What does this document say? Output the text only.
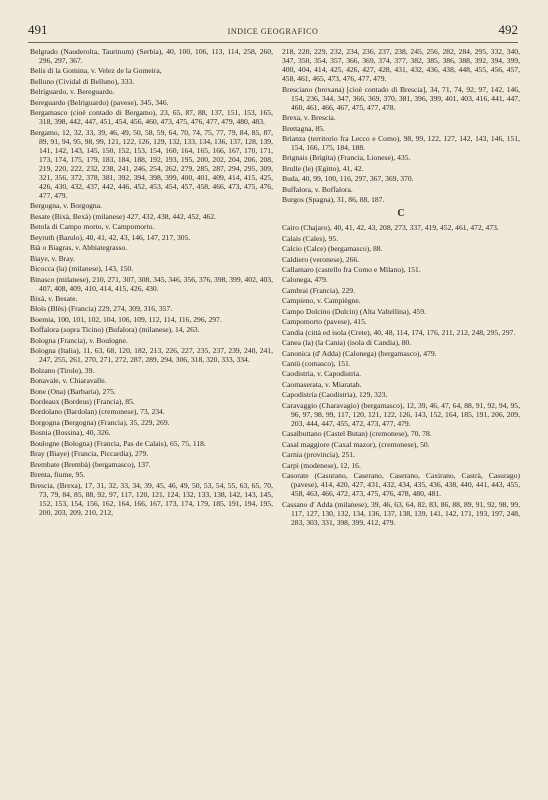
491	INDICE GEOGRAFICO	492
Belgrado (Nauderolta, Taurinum) (Serbia), 40, 100, 106, 113, 114, 258, 260, 296, 297, 367.
Belis di la Gomina, v. Velez de la Gomeira,
Belluno (Cividal di Belluno), 333.
Belriguardo, v. Bereguardo.
Bereguardo (Belriguardo) (pavese), 345, 346.
Bergamasco (cioè contado di Bergamo), 23, 65, 87, 88, 137, 151, 153, 165, 318, 398, 442, 447, 451, 454, 456, 460, 473, 475, 476, 477, 479, 480, 483.
Bergamo, 12, 32, 33, 39, 46, 49, 50, 58, 59, 64, 70, 74, 75, 77, 79, 84, 85, 87, 89, 91, 94, 95, 98, 99, 121, 122, 126, 129, 132, 133, 134, 136, 137, 128, 139, 141, 142, 143, 145, 150, 152, 153, 154, 160, 164, 165, 166, 167, 170, 171, 173, 174, 175, 179, 183, 184, 188, 192, 193, 195, 200, 202, 204, 206, 208, 219, 220, 222, 232, 238, 241, 246, 254, 262, 279, 285, 287, 294, 295, 309, 321, 356, 372, 378, 381, 392, 394, 398, 399, 400, 401, 409, 414, 415, 425, 426, 430, 432, 437, 442, 446, 452, 453, 454, 457, 458, 466, 473, 475, 476, 477, 479.
Bergogna, v. Borgogna.
Besate (Bixà, Bexà) (milanese) 427, 432, 438, 442, 452, 462.
Betola di Campo morto, v. Campomorto.
Beyruth (Barulo), 40, 41, 42, 43, 146, 147, 217, 305.
Bià o Biagras, v. Abbiategrasso.
Biaye, v. Bray.
Bicocca (la) (milanese), 143, 150.
Binasco (milanese), 210, 271, 307, 308, 345, 346, 356, 376, 398, 399, 402, 403, 407, 408, 409, 410, 414, 415, 426, 430.
Bixà, v. Besate.
Blois (Blès) (Francia) 229, 274, 309, 316, 357.
Boemia, 100, 101, 102, 104, 106, 109, 112, 114, 116, 296, 297.
Boffalora (sopra Ticino) (Bufalora) (milanese), 14, 263.
Bologna (Francia), v. Boulogne.
Bologna (Italia), 11, 63, 68, 120, 182, 213, 226, 227, 235, 237, 239, 240, 241, 247, 255, 261, 270, 271, 272, 287, 289, 294, 306, 318, 320, 333, 334.
Bolzano (Tirolo), 39.
Bonavale, v. Chiaravalle.
Bone (Ona) (Barbaria), 275.
Bordeaux (Bordeus) (Francia), 85.
Bordolano (Bardolan) (cremonese), 73, 234.
Borgogna (Bergogna) (Francia), 35, 229, 269.
Bosnia (Bossina), 40, 326.
Boulogne (Bologna) (Francia, Pas de Calais), 65, 75, 118.
Bray (Biaye) (Francia, Piccardia), 279.
Brembate (Brembà) (bergamasco), 137.
Brenta, fiume, 95.
Brescia, (Brexa), 17, 31, 32, 33, 34, 39, 45, 46, 49, 50, 53, 54, 55, 63, 65, 70, 73, 79, 84, 85, 88, 92, 97, 117, 120, 121, 124, 132, 133, 138, 142, 143, 145, 152, 153, 154, 156, 162, 164, 166, 167, 173, 174, 179, 185, 191, 194, 195, 200, 203, 209, 210, 212,
218, 220, 229, 232, 234, 236, 237, 238, 245, 256, 282, 284, 295, 332, 340, 347, 350, 354, 357, 366, 369, 374, 377, 382, 385, 386, 388, 392, 394, 399, 400, 404, 414, 425, 426, 427, 428, 431, 432, 436, 438, 448, 455, 456, 457, 458, 461, 465, 473, 476, 477, 479.
Bresciano (brexana) [cioè contado di Brescia], 34, 71, 74, 92, 97, 142, 146, 154, 236, 344, 347, 366, 369, 370, 381, 396, 399, 401, 403, 416, 441, 447, 460, 461, 466, 467, 475, 477, 478.
Brexa, v. Brescia.
Brettagna, 85.
Brianza (territorio fra Lecco e Como), 98, 99, 122, 127, 142, 143, 146, 151, 154, 166, 175, 184, 188.
Brignais (Brigita) (Francia, Lionese), 435.
Brulle (le) (Egitto), 41, 42.
Buda, 40, 99, 100, 116, 297, 367, 369, 370.
Buffalora, v. Boffalora.
Burgos (Spagna), 31, 86, 88, 187.
C
Cairo (Chajaro), 40, 41, 42, 43, 208, 273, 337, 419, 452, 461, 472, 473.
Calais (Cales), 95.
Calcio (Calce) (bergamasco), 88.
Caldiero (veronese), 266.
Callamaro (castello fra Como e Milano), 151.
Calonega, 479.
Cambrai (Francia), 229.
Campieno, v. Campiègne.
Campo Dolcino (Dulcin) (Alta Valtellina), 459.
Campomorto (pavese), 415.
Candia (città ed isola (Crete), 40, 48, 114, 174, 176, 211, 212, 248, 295, 297.
Canea (la) (la Cania) (isola di Candia), 80.
Canonica (d' Adda) (Calonega) (bergamasco), 479.
Cantù (comasco), 151.
Caodistria, v. Capodistria.
Caomaserata, v. Miaratab.
Capodistria (Caodistria), 129, 323.
Caravaggio (Charavagio) (bergamasco), 12, 39, 46, 47, 64, 88, 91, 92, 94, 95, 96, 97, 98, 99, 117, 120, 121, 122, 126, 143, 152, 164, 185, 191, 206, 209, 203, 444, 447, 455, 472, 473, 477, 479.
Casalbuttano (Castel Butan) (cremonese), 70, 78.
Casal maggiore (Caxal mazor), (cremonese), 50.
Carnia (provincia), 251.
Carpi (modenese), 12, 16.
Casorate (Casurano, Caserano, Caserano, Caxirano, Castrà, Casurago) (pavese), 414, 420, 427, 431, 432, 434, 435, 436, 438, 440, 441, 443, 455, 458, 463, 466, 472, 473, 475, 476, 478, 480, 481.
Cassano d' Adda (milanese), 39, 46, 63, 64, 82, 83, 86, 88, 89, 91, 92, 98, 99, 117, 127, 130, 132, 134, 136, 137, 138, 139, 141, 142, 171, 193, 197, 248, 283, 303, 331, 398, 399, 412, 479.
